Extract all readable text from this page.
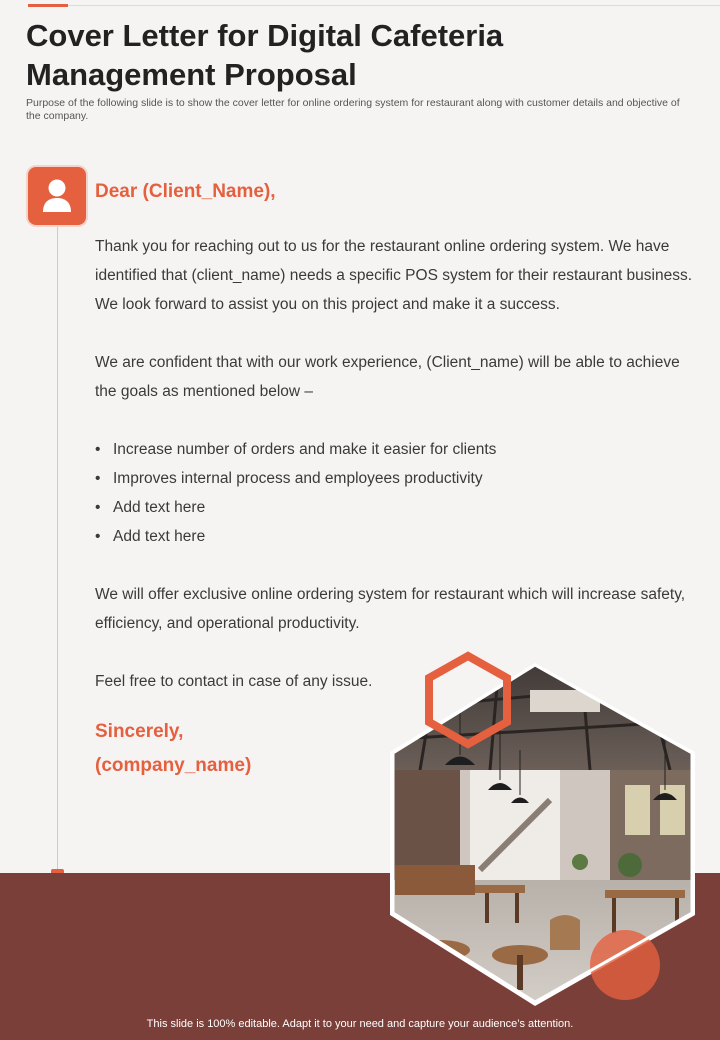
Cover Letter for Digital Cafeteria Management Proposal
Purpose of the following slide is to show the cover letter for online ordering system for restaurant along with customer details and objective of the company.
Dear (Client_Name),

Thank you for reaching out to us for the restaurant online ordering system. We have identified that (client_name) needs a specific POS system for their restaurant business. We look forward to assist you on this project and make it a success.

We are confident that with our work experience, (Client_name) will be able to achieve the goals as mentioned below –

• Increase number of orders and make it easier for clients
• Improves internal process and employees productivity
• Add text here
• Add text here

We will offer exclusive online ordering system for restaurant which will increase safety, efficiency, and operational productivity.

Feel free to contact in case of any issue.

Sincerely,
(company_name)
This slide is 100% editable. Adapt it to your need and capture your audience’s attention.
